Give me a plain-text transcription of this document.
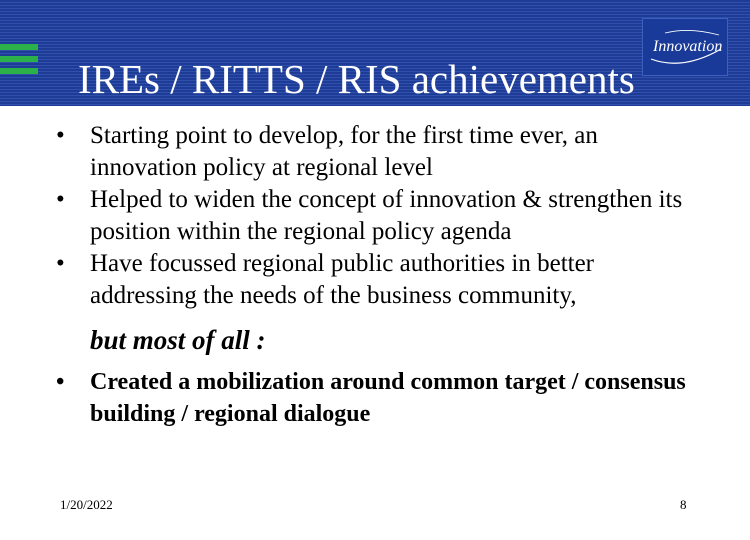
Innovation
IREs / RITTS / RIS achievements

• Starting point to develop, for the first time ever, an innovation policy at regional level

• Helped to widen the concept of innovation & strengthen its position within the regional policy agenda

• Have focussed regional public authorities in better addressing the needs of the business community,

but most of all :

• Created a mobilization around common target / consensus building / regional dialogue

1/20/2022	8
